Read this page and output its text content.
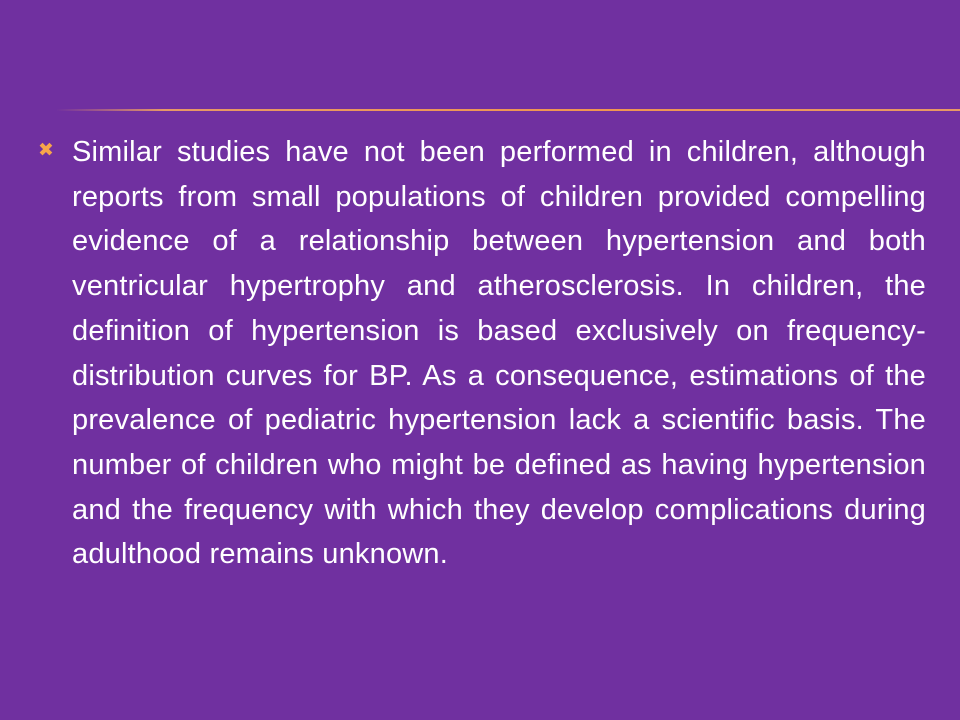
✖ Similar studies have not been performed in children, although reports from small populations of children provided compelling evidence of a relationship between hypertension and both ventricular hypertrophy and atherosclerosis. In children, the definition of hypertension is based exclusively on frequency-distribution curves for BP. As a consequence, estimations of the prevalence of pediatric hypertension lack a scientific basis. The number of children who might be defined as having hypertension and the frequency with which they develop complications during adulthood remains unknown.
